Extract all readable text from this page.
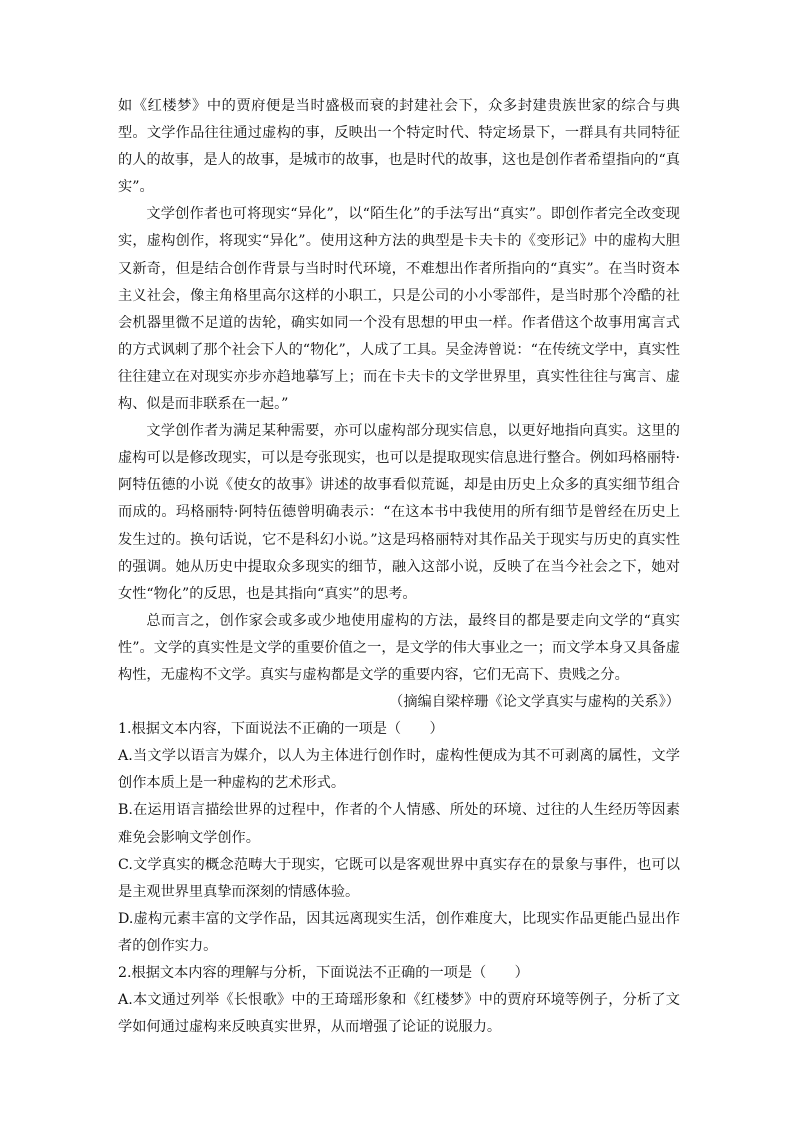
如《红楼梦》中的贾府便是当时盛极而衰的封建社会下，众多封建贵族世家的综合与典型。文学作品往往通过虚构的事，反映出一个特定时代、特定场景下，一群具有共同特征的人的故事，是人的故事，是城市的故事，也是时代的故事，这也是创作者希望指向的“真实”。

文学创作者也可将现实“异化”，以“陌生化”的手法写出“真实”。即创作者完全改变现实，虚构创作，将现实“异化”。使用这种方法的典型是卡夫卡的《变形记》中的虚构大胆又新奇，但是结合创作背景与当时时代环境，不难想出作者所指向的“真实”。在当时资本主义社会，像主角格里高尔这样的小职工，只是公司的小小零部件，是当时那个冷酷的社会机器里微不足道的齿轮，确实如同一个没有思想的甲虫一样。作者借这个故事用寓言式的方式讽刺了那个社会下人的“物化”，人成了工具。吴金涛曾说：“在传统文学中，真实性往往建立在对现实亦步亦趋地摹写上；而在卡夫卡的文学世界里，真实性往往与寓言、虚构、似是而非联系在一起。”

文学创作者为满足某种需要，亦可以虚构部分现实信息，以更好地指向真实。这里的虚构可以是修改现实，可以是夸张现实，也可以是提取现实信息进行整合。例如玛格丽特·阿特伍德的小说《使女的故事》讲述的故事看似荒诞，却是由历史上众多的真实细节组合而成的。玛格丽特·阿特伍德曾明确表示：“在这本书中我使用的所有细节是曾经在历史上发生过的。换句话说，它不是科幻小说。”这是玛格丽特对其作品关于现实与历史的真实性的强调。她从历史中提取众多现实的细节，融入这部小说，反映了在当今社会之下，她对女性“物化”的反思，也是其指向“真实”的思考。

总而言之，创作家会或多或少地使用虚构的方法，最终目的都是要走向文学的“真实性”。文学的真实性是文学的重要价值之一，是文学的伟大事业之一；而文学本身又具备虚构性，无虚构不文学。真实与虚构都是文学的重要内容，它们无高下、贵贱之分。

（摘编自梁梓珊《论文学真实与虚构的关系》）

1.根据文本内容，下面说法不正确的一项是（　　）

A.当文学以语言为媒介，以人为主体进行创作时，虚构性便成为其不可剥离的属性，文学创作本质上是一种虚构的艺术形式。

B.在运用语言描绘世界的过程中，作者的个人情感、所处的环境、过往的人生经历等因素难免会影响文学创作。

C.文学真实的概念范畴大于现实，它既可以是客观世界中真实存在的景象与事件，也可以是主观世界里真挚而深刻的情感体验。

D.虚构元素丰富的文学作品，因其远离现实生活，创作难度大，比现实作品更能凸显出作者的创作实力。

2.根据文本内容的理解与分析，下面说法不正确的一项是（　　）

A.本文通过列举《长恨歌》中的王琦瑶形象和《红楼梦》中的贾府环境等例子，分析了文学如何通过虚构来反映真实世界，从而增强了论证的说服力。
